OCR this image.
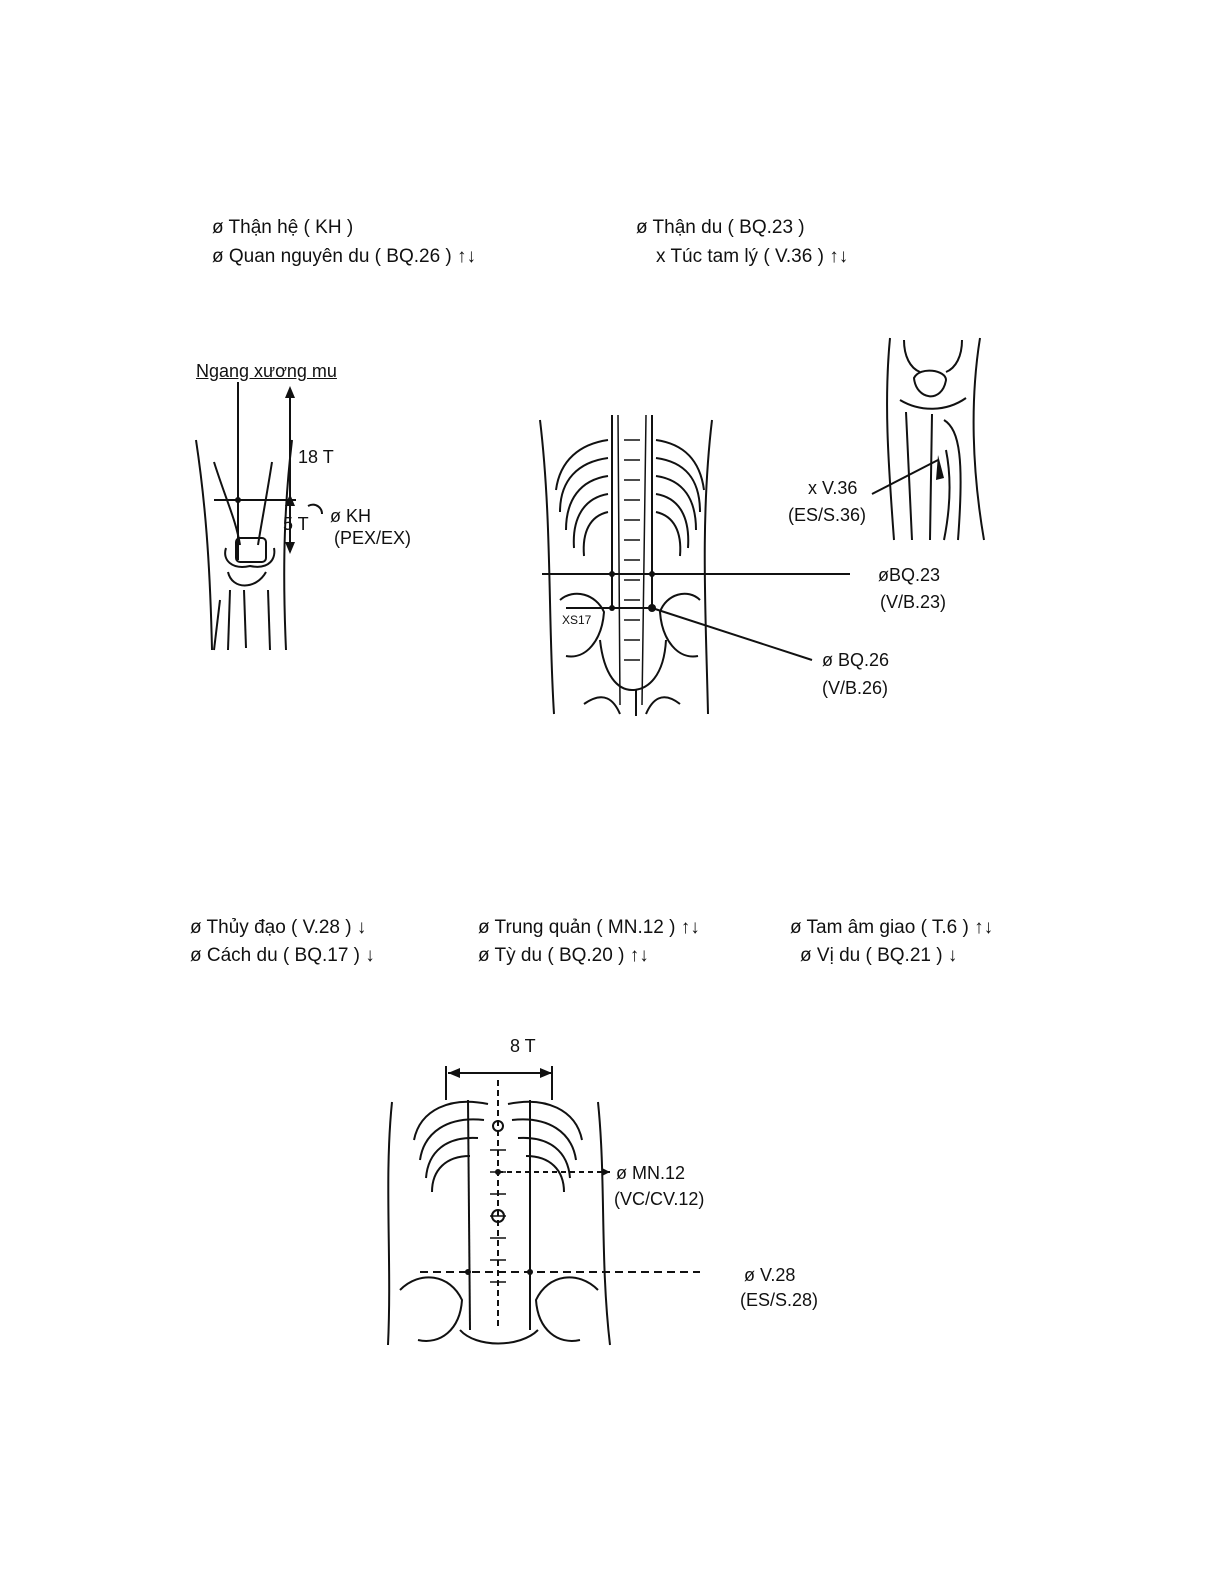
ø Thận hệ ( KH )
ø Quan nguyên du ( BQ.26 ) ↑↓
ø Thận du ( BQ.23 )
x Túc tam lý ( V.36 ) ↑↓
Ngang xương mu
18 T
5 T ø KH
(PEX/EX)
XS17
øBQ.23
(V/B.23)
ø BQ.26
(V/B.26)
x V.36
(ES/S.36)
ø Thủy đạo ( V.28 ) ↓
ø Cách du ( BQ.17 ) ↓
ø Trung quản ( MN.12 ) ↑↓
ø Tỳ du ( BQ.20 ) ↑↓
ø Tam âm giao ( T.6 ) ↑↓
ø Vị du ( BQ.21 ) ↓
8 T
ø MN.12
(VC/CV.12)
ø V.28
(ES/S.28)
